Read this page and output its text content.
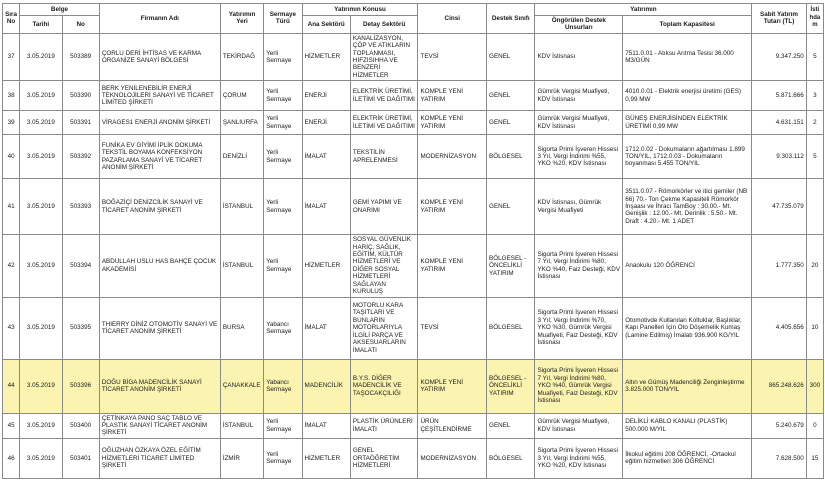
Sıra No	Belge		Firmanın Adı	Yatırımın Yeri	Sermaye Türü	Yatırımın Konusu		Cinsi	Destek Sınıfı	Yatırımın		Sabit Yatırım Tutarı (TL)	İstihdam
	Tarihi	No				Ana Sektörü	Detay Sektörü			Öngörülen Destek Unsurları	Toplam Kapasitesi		
37	3.05.2019	503389	ÇORLU DERİ İHTİSAS VE KARMA ORGANİZE SANAYİ BÖLGESİ	TEKİRDAĞ	Yerli Sermaye	HİZMETLER	KANALİZASYON, ÇÖP VE ATIKLARIN TOPLANMASI, HIFZISIHHA VE BENZERİ HİZMETLER	TEVSİ	GENEL	KDV İstisnası	7511.0.01 - Atıksu Arıtma Tesisi 36.000 M3/GÜN	9.347.250	5
38	3.05.2019	503390	BERK YENİLENEBİLİR ENERJİ TEKNOLOJİLERİ SANAYİ VE TİCARET LİMİTED ŞİRKETİ	ÇORUM	Yerli Sermaye	ENERJİ	ELEKTRİK ÜRETİMİ, İLETİMİ VE DAĞITIMI	KOMPLE YENİ YATIRIM	GENEL	Gümrük Vergisi Muafiyeti, KDV İstisnası	4010.0.01 - Elektrik enerjisi üretimi (GES) 0,99 MW	5.871.666	3
39	3.05.2019	503391	VİRAGES1 ENERJİ ANONİM ŞİRKETİ	ŞANLIURFA	Yerli Sermaye	ENERJİ	ELEKTRİK ÜRETİMİ, İLETİMİ VE DAĞITIMI	KOMPLE YENİ YATIRIM	GENEL	Gümrük Vergisi Muafiyeti, KDV İstisnası	GÜNEŞ ENERJİSİNDEN ELEKTRİK ÜRETİMİ 0,99 MW	4.631.151	2
40	3.05.2019	503392	FUNİKA EV GİYİMİ İPLİK DOKUMA TEKSTİL BOYAMA KONFEKSİYON PAZARLAMA SANAYİ VE TİCARET ANONİM ŞİRKETİ	DENİZLİ	Yerli Sermaye	İMALAT	TEKSTİLİN APRELENMESİ	MODERNİZASYON	BÖLGESEL	Sigorta Primi İşveren Hissesi 3 Yıl, Vergi İndirimi %55, YKO %20, KDV İstisnası	1712.0.02 - Dokumaların ağartılması 1.899 TON/YIL, 1712.0.03 - Dokumaların boyanması 5.455 TON/YIL	9.303.112	5
41	3.05.2019	503393	BOĞAZİÇİ DENİZCİLİK SANAYİ VE TİCARET ANONİM ŞİRKETİ	İSTANBUL	Yerli Sermaye	İMALAT	GEMİ YAPIMI VE ONARIMI	KOMPLE YENİ YATIRIM	GENEL	KDV İstisnası, Gümrük Vergisi Muafiyeti	3511.0.07 - Römorkörler ve itici gemiler (NB 66) 70.- Ton Çekme Kapasiteli Römorkör İnşaası ve İhracı TamBoy : 30.00.- Mt. Genişlik : 12.00.- Mt. Derinlik : 5.50.- Mt. Draft : 4.20.- Mt. 1 ADET	47.735.079	
42	3.05.2019	503394	ABDULLAH USLU HAS BAHÇE ÇOCUK AKADEMİSİ	İSTANBUL	Yerli Sermaye	HİZMETLER	SOSYAL GÜVENLİK HARİÇ, SAĞLIK, EĞİTİM, KÜLTÜR HİZMETLERİ VE DİĞER SOSYAL HİZMETLERİ SAĞLAYAN KURULUŞ	KOMPLE YENİ YATIRIM	BÖLGESEL - ÖNCELİKLİ YATIRIM	Sigorta Primi İşveren Hissesi 7 Yıl, Vergi İndirimi %80, YKO %40, Faiz Desteği, KDV İstisnası	Anaokulu 120 ÖĞRENCİ	1.777.350	20
43	3.05.2019	503395	THIERRY DİNİZ OTOMOTİV SANAYİ VE TİCARET ANONİM ŞİRKETİ	BURSA	Yabancı Sermaye	İMALAT	MOTORLU KARA TAŞITLARI VE BUNLARIN MOTORLARIYLA İLGİLİ PARÇA VE AKSESUARLARIN İMALATI	TEVSİ	BÖLGESEL	Sigorta Primi İşveren Hissesi 3 Yıl, Vergi İndirimi %70, YKO %30, Gümrük Vergisi Muafiyeti, Faiz Desteği, KDV İstisnası	Otomotivde Kullanılan Koltuklar, Başlıklar, Kapı Panelleri İçin Oto Döşemelik Kumaş (Lamine Edilmiş) İmalatı 936.900 KG/YIL	4.405.656	10
44	3.05.2019	503396	DOĞU BİGA MADENCİLİK SANAYİ TİCARET ANONİM ŞİRKETİ	ÇANAKKALE	Yabancı Sermaye	MADENCİLİK	B.Y.S. DİĞER MADENCİLİK VE TAŞOCAKÇILIĞI	KOMPLE YENİ YATIRIM	BÖLGESEL - ÖNCELİKLİ YATIRIM	Sigorta Primi İşveren Hissesi 7 Yıl, Vergi İndirimi %80, YKO %40, Gümrük Vergisi Muafiyeti, Faiz Desteği, KDV İstisnası	Altın ve Gümüş Madenciliği Zenginleştirme 3.825.000 TON/YIL	865.248.626	300
45	3.05.2019	503400	ÇETİNKAYA PANO SAÇ TABLO VE PLASTİK SANAYİ TİCARET ANONİM ŞİRKETİ	İSTANBUL	Yerli Sermaye	İMALAT	PLASTİK ÜRÜNLERİ İMALATI	ÜRÜN ÇEŞİTLENDİRME	GENEL	Gümrük Vergisi Muafiyeti, KDV İstisnası	DELİKLİ KABLO KANALI (PLASTİK) 500.000 M/YIL	5.240.679	0
46	3.05.2019	503401	OĞUZHAN ÖZKAYA ÖZEL EĞİTİM HİZMETLERİ TİCARET LİMİTED ŞİRKETİ	İZMİR	Yerli Sermaye	HİZMETLER	GENEL ORTAÖĞRETİM HİZMETLERİ	MODERNİZASYON	BÖLGESEL	Sigorta Primi İşveren Hissesi 3 Yıl, Vergi İndirimi %55, YKO %20, KDV İstisnası	İlkokul eğitimi 208 ÖĞRENCİ, -Ortaokul eğitim hizmetleri 306 ÖĞRENCİ	7.628.500	15
